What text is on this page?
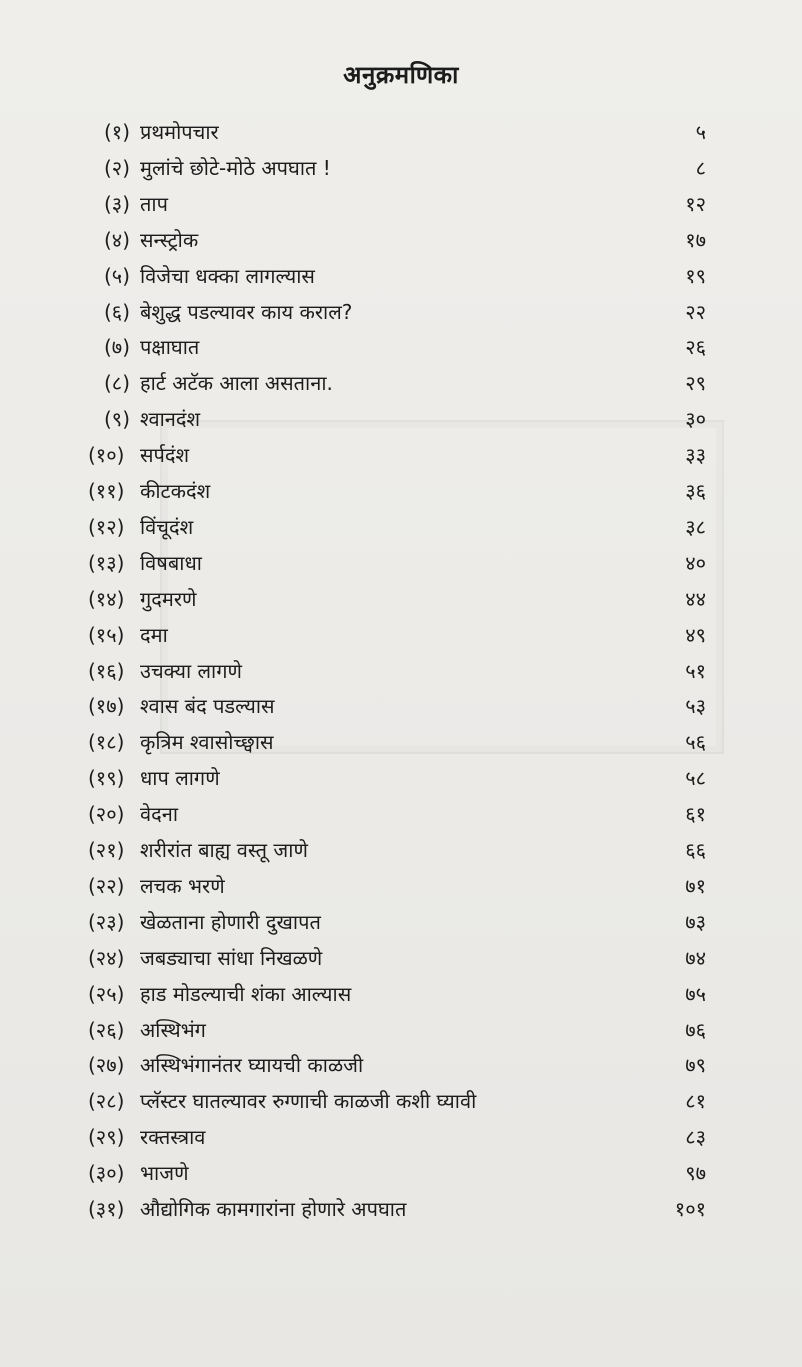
अनुक्रमणिका
(१) प्रथमोपचार	५
(२) मुलांचे छोटे-मोठे अपघात !	८
(३) ताप	१२
(४) सन्स्ट्रोक	१७
(५) विजेचा धक्का लागल्यास	१९
(६) बेशुद्ध पडल्यावर काय कराल?	२२
(७) पक्षाघात	२६
(८) हार्ट अटॅक आला असताना.	२९
(९) श्वानदंश	३०
(१०) सर्पदंश	३३
(११) कीटकदंश	३६
(१२) विंचूदंश	३८
(१३) विषबाधा	४०
(१४) गुदमरणे	४४
(१५) दमा	४९
(१६) उचक्या लागणे	५१
(१७) श्वास बंद पडल्यास	५३
(१८) कृत्रिम श्वासोच्छ्वास	५६
(१९) धाप लागणे	५८
(२०) वेदना	६१
(२१) शरीरांत बाह्य वस्तू जाणे	६६
(२२) लचक भरणे	७१
(२३) खेळताना होणारी दुखापत	७३
(२४) जबड्याचा सांधा निखळणे	७४
(२५) हाड मोडल्याची शंका आल्यास	७५
(२६) अस्थिभंग	७६
(२७) अस्थिभंगानंतर घ्यायची काळजी	७९
(२८) प्लॅस्टर घातल्यावर रुग्णाची काळजी कशी घ्यावी	८१
(२९) रक्तस्त्राव	८३
(३०) भाजणे	९७
(३१) औद्योगिक कामगारांना होणारे अपघात	१०१
